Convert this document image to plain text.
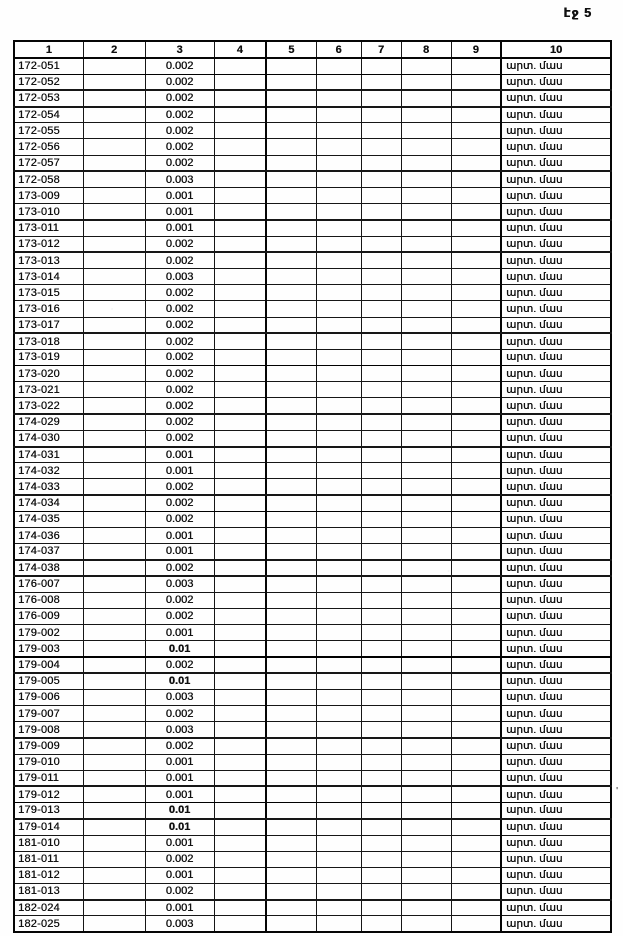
էջ 5
1	2	3	4	5	6	7	8	9	10
172-051		0.002							արտ. մաս
172-052		0.002							արտ. մաս
172-053		0.002							արտ. մաս
172-054		0.002							արտ. մաս
172-055		0.002							արտ. մաս
172-056		0.002							արտ. մաս
172-057		0.002							արտ. մաս
172-058		0.003							արտ. մաս
173-009		0.001							արտ. մաս
173-010		0.001							արտ. մաս
173-011		0.001							արտ. մաս
173-012		0.002							արտ. մաս
173-013		0.002							արտ. մաս
173-014		0.003							արտ. մաս
173-015		0.002							արտ. մաս
173-016		0.002							արտ. մաս
173-017		0.002							արտ. մաս
173-018		0.002							արտ. մաս
173-019		0.002							արտ. մաս
173-020		0.002							արտ. մաս
173-021		0.002							արտ. մաս
173-022		0.002							արտ. մաս
174-029		0.002							արտ. մաս
174-030		0.002							արտ. մաս
174-031		0.001							արտ. մաս
174-032		0.001							արտ. մաս
174-033		0.002							արտ. մաս
174-034		0.002							արտ. մաս
174-035		0.002							արտ. մաս
174-036		0.001							արտ. մաս
174-037		0.001							արտ. մաս
174-038		0.002							արտ. մաս
176-007		0.003							արտ. մաս
176-008		0.002							արտ. մաս
176-009		0.002							արտ. մաս
179-002		0.001							արտ. մաս
179-003		0.01							արտ. մաս
179-004		0.002							արտ. մաս
179-005		0.01							արտ. մաս
179-006		0.003							արտ. մաս
179-007		0.002							արտ. մաս
179-008		0.003							արտ. մաս
179-009		0.002							արտ. մաս
179-010		0.001							արտ. մաս
179-011		0.001							արտ. մաս
179-012		0.001							արտ. մաս
179-013		0.01							արտ. մաս
179-014		0.01							արտ. մաս
181-010		0.001							արտ. մաս
181-011		0.002							արտ. մաս
181-012		0.001							արտ. մաս
181-013		0.002							արտ. մաս
182-024		0.001							արտ. մաս
182-025		0.003							արտ. մաս
'
